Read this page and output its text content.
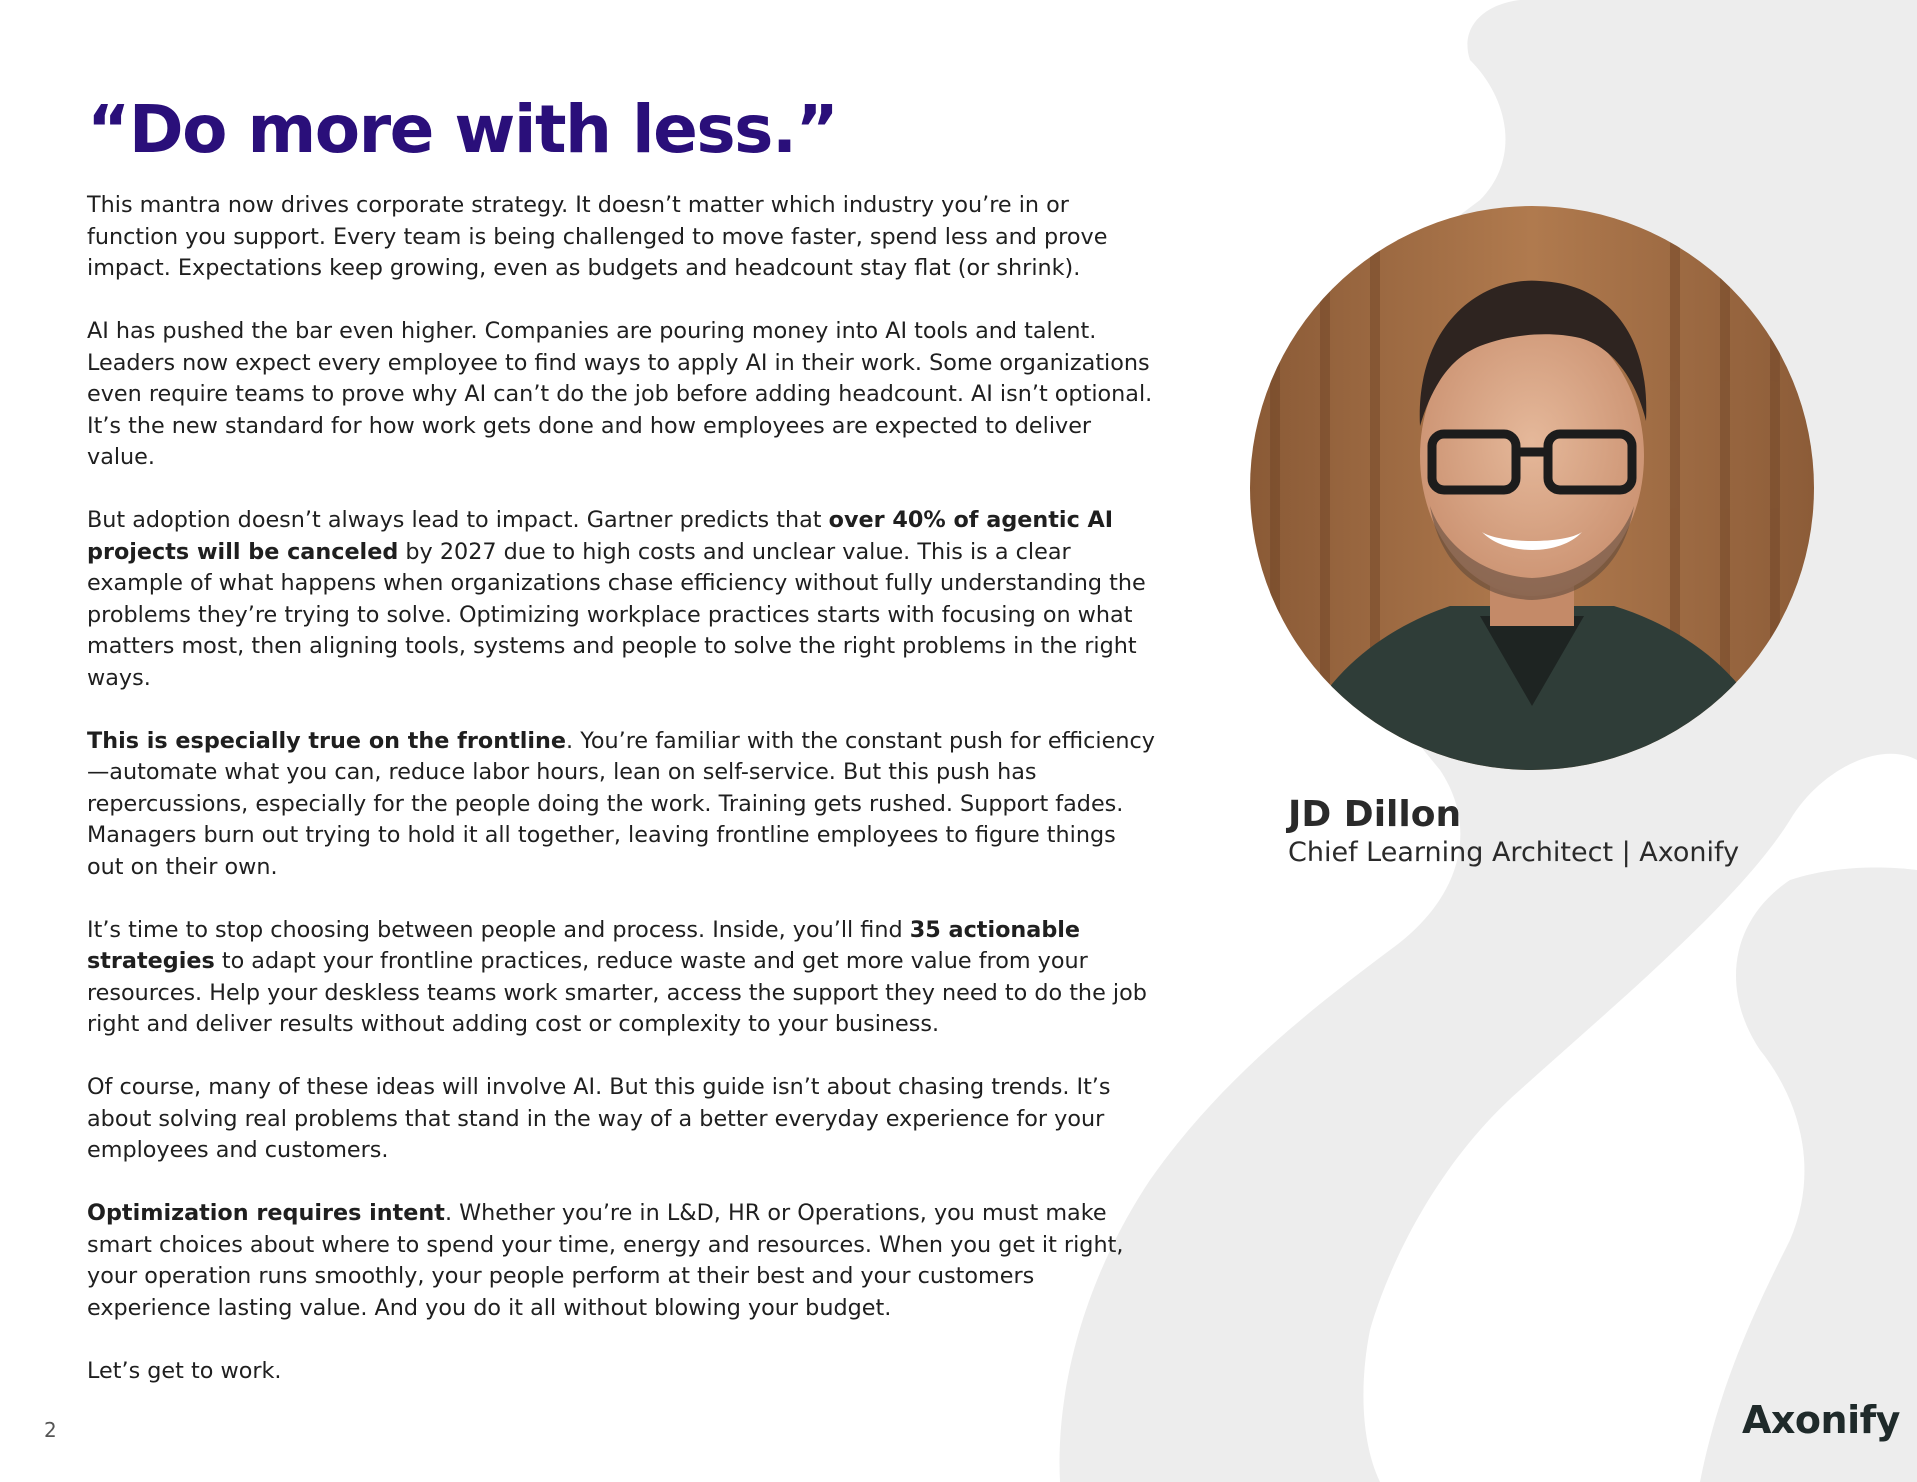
“Do more with less.”

This mantra now drives corporate strategy. It doesn’t matter which industry you’re in or function you support. Every team is being challenged to move faster, spend less and prove impact. Expectations keep growing, even as budgets and headcount stay flat (or shrink).

AI has pushed the bar even higher. Companies are pouring money into AI tools and talent. Leaders now expect every employee to find ways to apply AI in their work. Some organizations even require teams to prove why AI can’t do the job before adding headcount. AI isn’t optional. It’s the new standard for how work gets done and how employees are expected to deliver value.

But adoption doesn’t always lead to impact. Gartner predicts that over 40% of agentic AI projects will be canceled by 2027 due to high costs and unclear value. This is a clear example of what happens when organizations chase efficiency without fully understanding the problems they’re trying to solve. Optimizing workplace practices starts with focusing on what matters most, then aligning tools, systems and people to solve the right problems in the right ways.

This is especially true on the frontline. You’re familiar with the constant push for efficiency—automate what you can, reduce labor hours, lean on self-service. But this push has repercussions, especially for the people doing the work. Training gets rushed. Support fades. Managers burn out trying to hold it all together, leaving frontline employees to figure things out on their own.

It’s time to stop choosing between people and process. Inside, you’ll find 35 actionable strategies to adapt your frontline practices, reduce waste and get more value from your resources. Help your deskless teams work smarter, access the support they need to do the job right and deliver results without adding cost or complexity to your business.

Of course, many of these ideas will involve AI. But this guide isn’t about chasing trends. It’s about solving real problems that stand in the way of a better everyday experience for your employees and customers.

Optimization requires intent. Whether you’re in L&D, HR or Operations, you must make smart choices about where to spend your time, energy and resources. When you get it right, your operation runs smoothly, your people perform at their best and your customers experience lasting value. And you do it all without blowing your budget.

Let’s get to work.

JD Dillon
Chief Learning Architect | Axonify
2	Axonify
